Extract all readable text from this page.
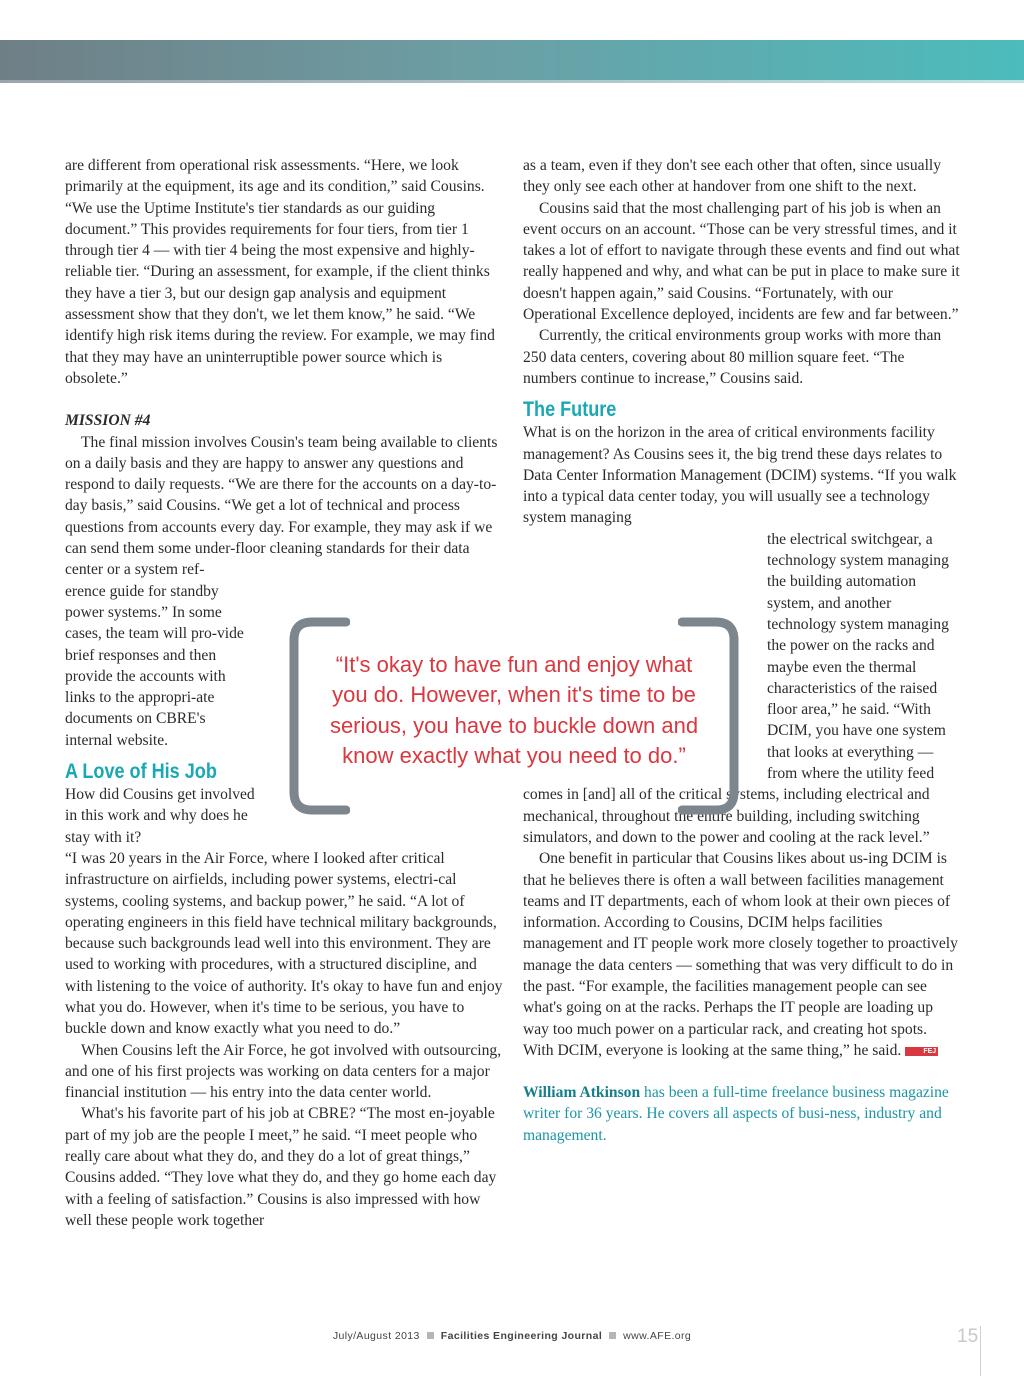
are different from operational risk assessments. “Here, we look primarily at the equipment, its age and its condition,” said Cousins. “We use the Uptime Institute's tier standards as our guiding document.” This provides requirements for four tiers, from tier 1 through tier 4 — with tier 4 being the most expensive and highly-reliable tier. “During an assessment, for example, if the client thinks they have a tier 3, but our design gap analysis and equipment assessment show that they don't, we let them know,” he said. “We identify high risk items during the review. For example, we may find that they may have an uninterruptible power source which is obsolete.”

MISSION #4

The final mission involves Cousin's team being available to clients on a daily basis and they are happy to answer any questions and respond to daily requests. “We are there for the accounts on a day-to-day basis,” said Cousins. “We get a lot of technical and process questions from accounts every day. For example, they may ask if we can send them some under-floor cleaning standards for their data center or a system ref-

erence guide for standby power systems.” In some cases, the team will pro-vide brief responses and then provide the accounts with links to the appropri-ate documents on CBRE's internal website.

A Love of His Job

How did Cousins get involved in this work and why does he stay with it?

“I was 20 years in the Air Force, where I looked after critical infrastructure on airfields, including power systems, electri-cal systems, cooling systems, and backup power,” he said. “A lot of operating engineers in this field have technical military backgrounds, because such backgrounds lead well into this environment. They are used to working with procedures, with a structured discipline, and with listening to the voice of authority. It's okay to have fun and enjoy what you do. However, when it's time to be serious, you have to buckle down and know exactly what you need to do.”

When Cousins left the Air Force, he got involved with outsourcing, and one of his first projects was working on data centers for a major financial institution — his entry into the data center world.

What's his favorite part of his job at CBRE? “The most en-joyable part of my job are the people I meet,” he said. “I meet people who really care about what they do, and they do a lot of great things,” Cousins added. “They love what they do, and they go home each day with a feeling of satisfaction.” Cousins is also impressed with how well these people work together

as a team, even if they don't see each other that often, since usually they only see each other at handover from one shift to the next.

Cousins said that the most challenging part of his job is when an event occurs on an account. “Those can be very stressful times, and it takes a lot of effort to navigate through these events and find out what really happened and why, and what can be put in place to make sure it doesn't happen again,” said Cousins. “Fortunately, with our Operational Excellence deployed, incidents are few and far between.”

Currently, the critical environments group works with more than 250 data centers, covering about 80 million square feet. “The numbers continue to increase,” Cousins said.

The Future

What is on the horizon in the area of critical environments facility management? As Cousins sees it, the big trend these days relates to Data Center Information Management (DCIM) systems. “If you walk into a typical data center today, you will usually see a technology system managing

the electrical switchgear, a technology system managing the building automation system, and another technology system managing the power on the racks and maybe even the thermal characteristics of the raised floor area,” he said. “With DCIM, you have one system that looks at everything — from where the utility feed

comes in [and] all of the critical systems, including electrical and mechanical, throughout the entire building, including switching simulators, and down to the power and cooling at the rack level.”

One benefit in particular that Cousins likes about us-ing DCIM is that he believes there is often a wall between facilities management teams and IT departments, each of whom look at their own pieces of information. According to Cousins, DCIM helps facilities management and IT people work more closely together to proactively manage the data centers — something that was very difficult to do in the past. “For example, the facilities management people can see what's going on at the racks. Perhaps the IT people are loading up way too much power on a particular rack, and creating hot spots. With DCIM, everyone is looking at the same thing,” he said.	FEJ

William Atkinson has been a full-time freelance business magazine writer for 36 years. He covers all aspects of busi-ness, industry and management.

“It's okay to have fun and enjoy what you do. However, when it's time to be serious, you have to buckle down and know exactly what you need to do.”
July/August 2013 Facilities Engineering Journal www.AFE.org	15
